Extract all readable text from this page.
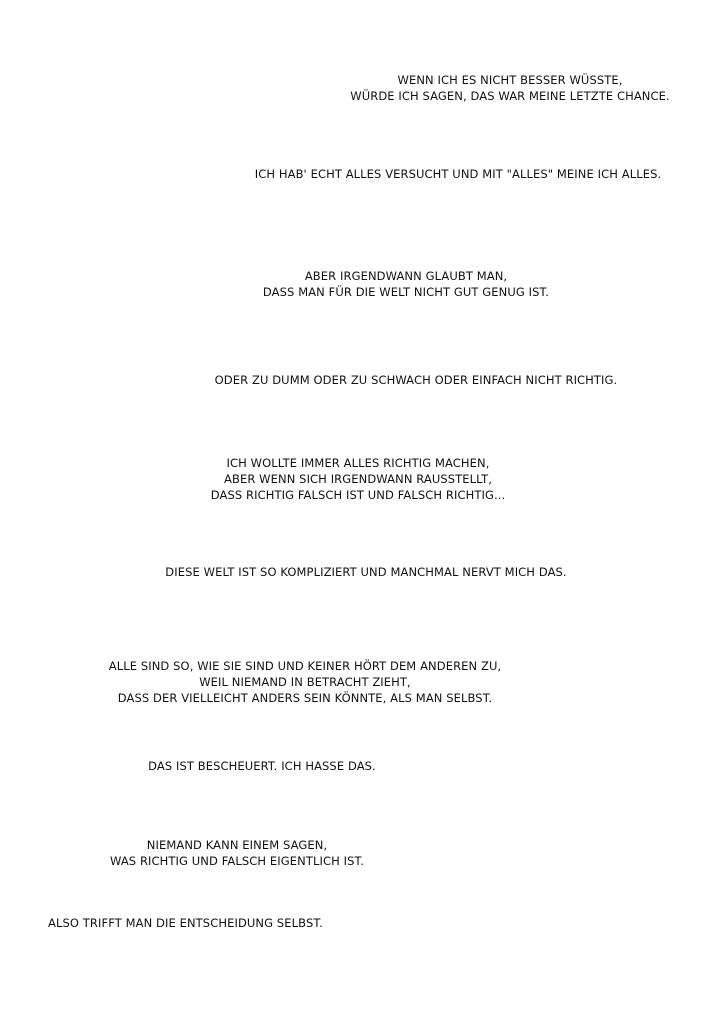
WENN ICH ES NICHT BESSER WÜSSTE,
WÜRDE ICH SAGEN, DAS WAR MEINE LETZTE CHANCE.
ICH HAB' ECHT ALLES VERSUCHT UND MIT "ALLES" MEINE ICH ALLES.
ABER IRGENDWANN GLAUBT MAN,
DASS MAN FÜR DIE WELT NICHT GUT GENUG IST.
ODER ZU DUMM ODER ZU SCHWACH ODER EINFACH NICHT RICHTIG.
ICH WOLLTE IMMER ALLES RICHTIG MACHEN,
ABER WENN SICH IRGENDWANN RAUSSTELLT,
DASS RICHTIG FALSCH IST UND FALSCH RICHTIG...
DIESE WELT IST SO KOMPLIZIERT UND MANCHMAL NERVT MICH DAS.
ALLE SIND SO, WIE SIE SIND UND KEINER HÖRT DEM ANDEREN ZU,
WEIL NIEMAND IN BETRACHT ZIEHT,
DASS DER VIELLEICHT ANDERS SEIN KÖNNTE, ALS MAN SELBST.
DAS IST BESCHEUERT. ICH HASSE DAS.
NIEMAND KANN EINEM SAGEN,
WAS RICHTIG UND FALSCH EIGENTLICH IST.
ALSO TRIFFT MAN DIE ENTSCHEIDUNG SELBST.
